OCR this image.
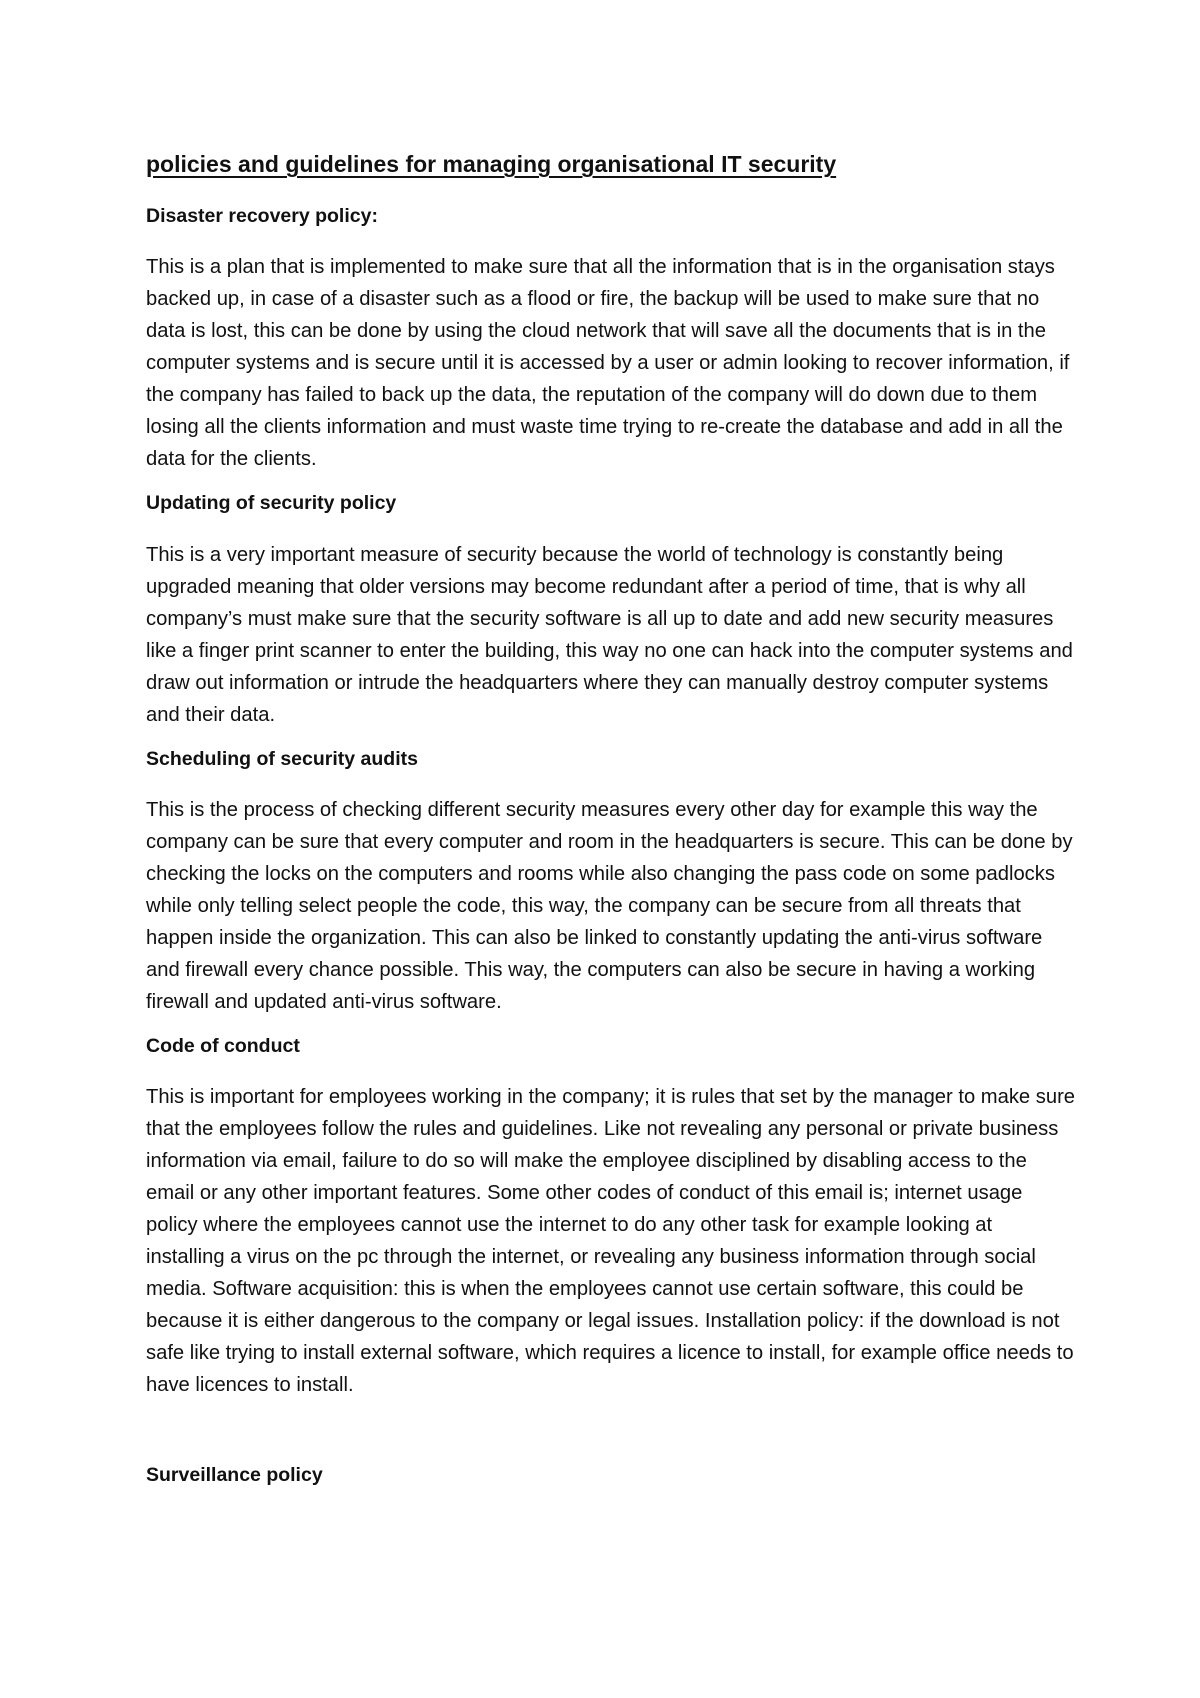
policies and guidelines for managing organisational IT security
Disaster recovery policy:

This is a plan that is implemented to make sure that all the information that is in the organisation stays backed up, in case of a disaster such as a flood or fire, the backup will be used to make sure that no data is lost, this can be done by using the cloud network that will save all the documents that is in the computer systems and is secure until it is accessed by a user or admin looking to recover information, if the company has failed to back up the data, the reputation of the company will do down due to them losing all the clients information and must waste time trying to re-create the database and add in all the data for the clients.

Updating of security policy

This is a very important measure of security because the world of technology is constantly being upgraded meaning that older versions may become redundant after a period of time, that is why all company’s must make sure that the security software is all up to date and add new security measures like a finger print scanner to enter the building, this way no one can hack into the computer systems and draw out information or intrude the headquarters where they can manually destroy computer systems and their data.

Scheduling of security audits

This is the process of checking different security measures every other day for example this way the company can be sure that every computer and room in the headquarters is secure. This can be done by checking the locks on the computers and rooms while also changing the pass code on some padlocks while only telling select people the code, this way, the company can be secure from all threats that happen inside the organization. This can also be linked to constantly updating the anti-virus software and firewall every chance possible. This way, the computers can also be secure in having a working firewall and updated anti-virus software.

Code of conduct

This is important for employees working in the company; it is rules that set by the manager to make sure that the employees follow the rules and guidelines. Like not revealing any personal or private business information via email, failure to do so will make the employee disciplined by disabling access to the email or any other important features. Some other codes of conduct of this email is; internet usage policy where the employees cannot use the internet to do any other task for example looking at installing a virus on the pc through the internet, or revealing any business information through social media. Software acquisition: this is when the employees cannot use certain software, this could be because it is either dangerous to the company or legal issues. Installation policy: if the download is not safe like trying to install external software, which requires a licence to install, for example office needs to have licences to install.

Surveillance policy
